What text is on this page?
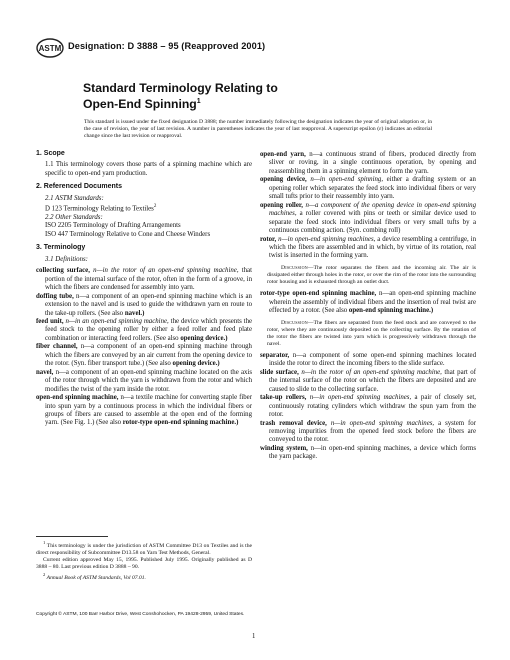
ASTM Designation: D 3888 – 95 (Reapproved 2001)
Standard Terminology Relating to
Open-End Spinning$^1$
This standard is issued under the fixed designation D 3888; the number immediately following the designation indicates the year of original adoption or, in the case of revision, the year of last revision. A number in parentheses indicates the year of last reapproval. A superscript epsilon (ε) indicates an editorial change since the last revision or reapproval.

1. Scope

1.1 This terminology covers those parts of a spinning machine which are specific to open-end yarn production.

2. Referenced Documents

2.1 ASTM Standards:

D 123 Terminology Relating to Textiles$^2$

2.2 Other Standards:

ISO 2205 Terminology of Drafting Arrangements

ISO 447 Terminology Relative to Cone and Cheese Winders

3. Terminology

3.1 Definitions:

collecting surface, n—in the rotor of an open-end spinning machine, that portion of the internal surface of the rotor, often in the form of a groove, in which the fibers are condensed for assembly into yarn.

doffing tube, n—a component of an open-end spinning machine which is an extension to the navel and is used to guide the withdrawn yarn en route to the take-up rollers. (See also navel.)

feed unit, n—in an open-end spinning machine, the device which presents the feed stock to the opening roller by either a feed roller and feed plate combination or interacting feed rollers. (See also opening device.)

fiber channel, n—a component of an open-end spinning machine through which the fibers are conveyed by an air current from the opening device to the rotor. (Syn. fiber transport tube.) (See also opening device.)

navel, n—a component of an open-end spinning machine located on the axis of the rotor through which the yarn is withdrawn from the rotor and which modifies the twist of the yarn inside the rotor.

open-end spinning machine, n—a textile machine for converting staple fiber into spun yarn by a continuous process in which the individual fibers or groups of fibers are caused to assemble at the open end of the forming yarn. (See Fig. 1.) (See also rotor-type open-end spinning machine.)

open-end yarn, n—a continuous strand of fibers, produced directly from sliver or roving, in a single continuous operation, by opening and reassembling them in a spinning element to form the yarn.

opening device, n—in open-end spinning, either a drafting system or an opening roller which separates the feed stock into individual fibers or very small tufts prior to their reassembly into yarn.

opening roller, n—a component of the opening device in open-end spinning machines, a roller covered with pins or teeth or similar device used to separate the feed stock into individual fibers or very small tufts by a continuous combing action. (Syn. combing roll)

rotor, n—in open-end spinning machines, a device resembling a centrifuge, in which the fibers are assembled and in which, by virtue of its rotation, real twist is inserted in the forming yarn.

Discussion—The rotor separates the fibers and the incoming air. The air is dissipated either through holes in the rotor, or over the rim of the rotor into the surrounding rotor housing and is exhausted through an outlet duct.

rotor-type open-end spinning machine, n—an open-end spinning machine wherein the assembly of individual fibers and the insertion of real twist are effected by a rotor. (See also open-end spinning machine.)

Discussion—The fibers are separated from the feed stock and are conveyed to the rotor, where they are continuously deposited on the collecting surface. By the rotation of the rotor the fibers are twisted into yarn which is progressively withdrawn through the navel.

separator, n—a component of some open-end spinning machines located inside the rotor to direct the incoming fibers to the slide surface.

slide surface, n—in the rotor of an open-end spinning machine, that part of the internal surface of the rotor on which the fibers are deposited and are caused to slide to the collecting surface.

take-up rollers, n—in open-end spinning machines, a pair of closely set, continuously rotating cylinders which withdraw the spun yarn from the rotor.

trash removal device, n—in open-end spinning machines, a system for removing impurities from the opened feed stock before the fibers are conveyed to the rotor.

winding system, n—in open-end spinning machines, a device which forms the yarn package.

$^1$ This terminology is under the jurisdiction of ASTM Committee D13 on Textiles and is the direct responsibility of Subcommittee D13.58 on Yarn Test Methods, General.

Current edition approved May 15, 1995. Published July 1995. Originally published as D 3888 – 80. Last previous edition D 3888 – 90.

$^2$ Annual Book of ASTM Standards, Vol 07.01.

Copyright © ASTM, 100 Barr Harbor Drive, West Conshohocken, PA 19428-2959, United States.
1
